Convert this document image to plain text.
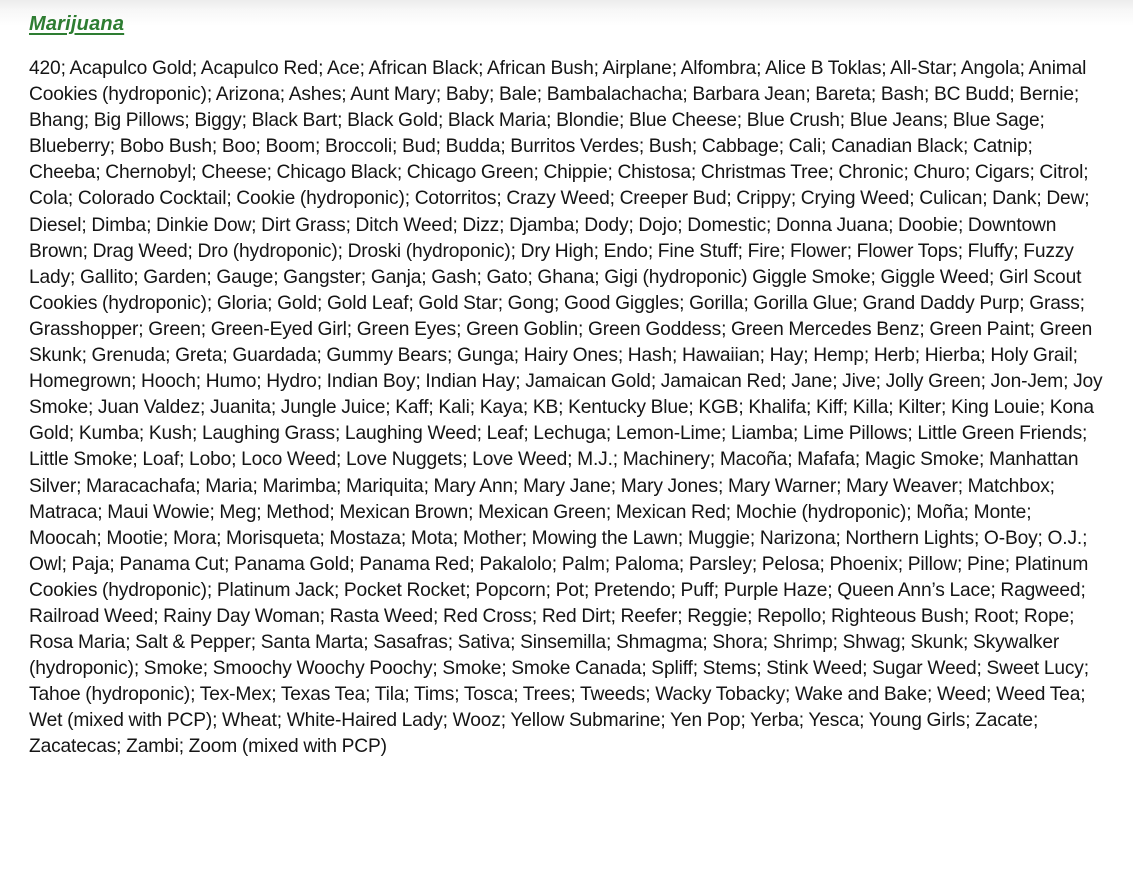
Marijuana

420; Acapulco Gold; Acapulco Red; Ace; African Black; African Bush; Airplane; Alfombra; Alice B Toklas; All-Star; Angola; Animal Cookies (hydroponic); Arizona; Ashes; Aunt Mary; Baby; Bale; Bambalachacha; Barbara Jean; Bareta; Bash; BC Budd; Bernie; Bhang; Big Pillows; Biggy; Black Bart; Black Gold; Black Maria; Blondie; Blue Cheese; Blue Crush; Blue Jeans; Blue Sage; Blueberry; Bobo Bush; Boo; Boom; Broccoli; Bud; Budda; Burritos Verdes; Bush; Cabbage; Cali; Canadian Black; Catnip; Cheeba; Chernobyl; Cheese; Chicago Black; Chicago Green; Chippie; Chistosa; Christmas Tree; Chronic; Churo; Cigars; Citrol; Cola; Colorado Cocktail; Cookie (hydroponic); Cotorritos; Crazy Weed; Creeper Bud; Crippy; Crying Weed; Culican; Dank; Dew; Diesel; Dimba; Dinkie Dow; Dirt Grass; Ditch Weed; Dizz; Djamba; Dody; Dojo; Domestic; Donna Juana; Doobie; Downtown Brown; Drag Weed; Dro (hydroponic); Droski (hydroponic); Dry High; Endo; Fine Stuff; Fire; Flower; Flower Tops; Fluffy; Fuzzy Lady; Gallito; Garden; Gauge; Gangster; Ganja; Gash; Gato; Ghana; Gigi (hydroponic) Giggle Smoke; Giggle Weed; Girl Scout Cookies (hydroponic); Gloria; Gold; Gold Leaf; Gold Star; Gong; Good Giggles; Gorilla; Gorilla Glue; Grand Daddy Purp; Grass; Grasshopper; Green; Green-Eyed Girl; Green Eyes; Green Goblin; Green Goddess; Green Mercedes Benz; Green Paint; Green Skunk; Grenuda; Greta; Guardada; Gummy Bears; Gunga; Hairy Ones; Hash; Hawaiian; Hay; Hemp; Herb; Hierba; Holy Grail; Homegrown; Hooch; Humo; Hydro; Indian Boy; Indian Hay; Jamaican Gold; Jamaican Red; Jane; Jive; Jolly Green; Jon-Jem; Joy Smoke; Juan Valdez; Juanita; Jungle Juice; Kaff; Kali; Kaya; KB; Kentucky Blue; KGB; Khalifa; Kiff; Killa; Kilter; King Louie; Kona Gold; Kumba; Kush; Laughing Grass; Laughing Weed; Leaf; Lechuga; Lemon-Lime; Liamba; Lime Pillows; Little Green Friends; Little Smoke; Loaf; Lobo; Loco Weed; Love Nuggets; Love Weed; M.J.; Machinery; Macoña; Mafafa; Magic Smoke; Manhattan Silver; Maracachafa; Maria; Marimba; Mariquita; Mary Ann; Mary Jane; Mary Jones; Mary Warner; Mary Weaver; Matchbox; Matraca; Maui Wowie; Meg; Method; Mexican Brown; Mexican Green; Mexican Red; Mochie (hydroponic); Moña; Monte; Moocah; Mootie; Mora; Morisqueta; Mostaza; Mota; Mother; Mowing the Lawn; Muggie; Narizona; Northern Lights; O-Boy; O.J.; Owl; Paja; Panama Cut; Panama Gold; Panama Red; Pakalolo; Palm; Paloma; Parsley; Pelosa; Phoenix; Pillow; Pine; Platinum Cookies (hydroponic); Platinum Jack; Pocket Rocket; Popcorn; Pot; Pretendo; Puff; Purple Haze; Queen Ann’s Lace; Ragweed; Railroad Weed; Rainy Day Woman; Rasta Weed; Red Cross; Red Dirt; Reefer; Reggie; Repollo; Righteous Bush; Root; Rope; Rosa Maria; Salt & Pepper; Santa Marta; Sasafras; Sativa; Sinsemilla; Shmagma; Shora; Shrimp; Shwag; Skunk; Skywalker (hydroponic); Smoke; Smoochy Woochy Poochy; Smoke; Smoke Canada; Spliff; Stems; Stink Weed; Sugar Weed; Sweet Lucy; Tahoe (hydroponic); Tex-Mex; Texas Tea; Tila; Tims; Tosca; Trees; Tweeds; Wacky Tobacky; Wake and Bake; Weed; Weed Tea; Wet (mixed with PCP); Wheat; White-Haired Lady; Wooz; Yellow Submarine; Yen Pop; Yerba; Yesca; Young Girls; Zacate; Zacatecas; Zambi; Zoom (mixed with PCP)
